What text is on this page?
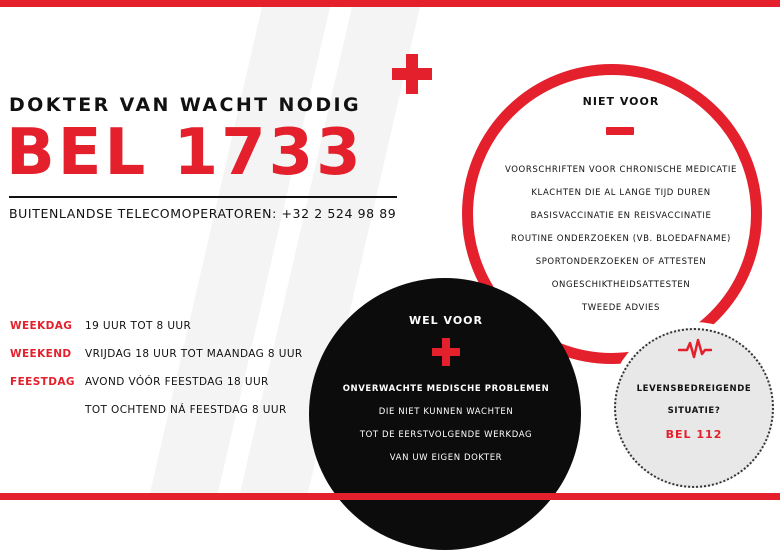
DOKTER VAN WACHT NODIG
BEL 1733
BUITENLANDSE TELECOMOPERATOREN: +32 2 524 98 89
WEEKDAG 19 UUR TOT 8 UUR
WEEKEND VRIJDAG 18 UUR TOT MAANDAG 8 UUR
FEESTDAG AVOND VÓÓR FEESTDAG 18 UUR
TOT OCHTEND NÁ FEESTDAG 8 UUR
NIET VOOR
VOORSCHRIFTEN VOOR CHRONISCHE MEDICATIE
KLACHTEN DIE AL LANGE TIJD DUREN
BASISVACCINATIE EN REISVACCINATIE
ROUTINE ONDERZOEKEN (VB. BLOEDAFNAME)
SPORTONDERZOEKEN OF ATTESTEN
ONGESCHIKTHEIDSATTESTEN
TWEEDE ADVIES
WEL VOOR
ONVERWACHTE MEDISCHE PROBLEMEN
DIE NIET KUNNEN WACHTEN
TOT DE EERSTVOLGENDE WERKDAG
VAN UW EIGEN DOKTER
LEVENSBEDREIGENDE
SITUATIE?
BEL 112
